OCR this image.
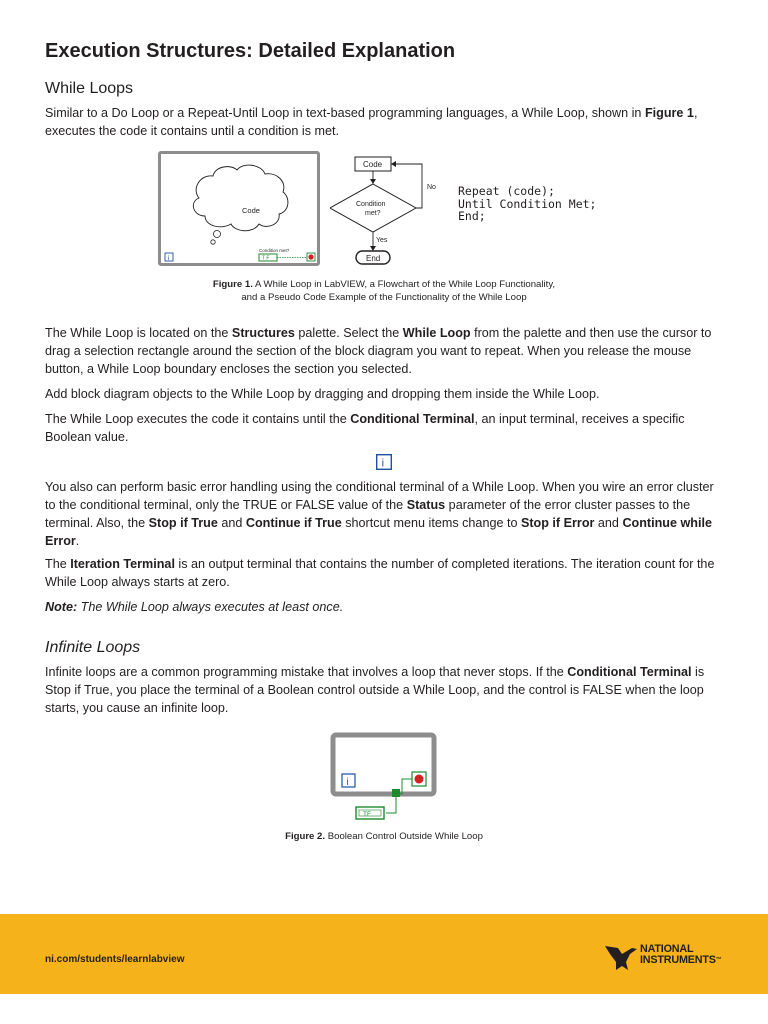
Execution Structures: Detailed Explanation
While Loops

Similar to a Do Loop or a Repeat-Until Loop in text-based programming languages, a While Loop, shown in Figure 1, executes the code it contains until a condition is met.

Code
Condition met?
i	T F
Code
Condition
met?
No
Yes
End
Repeat (code);
Until Condition Met;
End;
Figure 1. A While Loop in LabVIEW, a Flowchart of the While Loop Functionality,
and a Pseudo Code Example of the Functionality of the While Loop

The While Loop is located on the Structures palette. Select the While Loop from the palette and then use the cursor to drag a selection rectangle around the section of the block diagram you want to repeat. When you release the mouse button, a While Loop boundary encloses the section you selected.

Add block diagram objects to the While Loop by dragging and dropping them inside the While Loop.

The While Loop executes the code it contains until the Conditional Terminal, an input terminal, receives a specific Boolean value.

i

You also can perform basic error handling using the conditional terminal of a While Loop. When you wire an error cluster to the conditional terminal, only the TRUE or FALSE value of the Status parameter of the error cluster passes to the terminal. Also, the Stop if True and Continue if True shortcut menu items change to Stop if Error and Continue while Error.

The Iteration Terminal is an output terminal that contains the number of completed iterations. The iteration count for the While Loop always starts at zero.

Note: The While Loop always executes at least once.

Infinite Loops

Infinite loops are a common programming mistake that involves a loop that never stops. If the Conditional Terminal is Stop if True, you place the terminal of a Boolean control outside a While Loop, and the control is FALSE when the loop starts, you cause an infinite loop.

i
TF
Figure 2. Boolean Control Outside While Loop
ni.com/students/learnlabview
NATIONAL
INSTRUMENTS™
